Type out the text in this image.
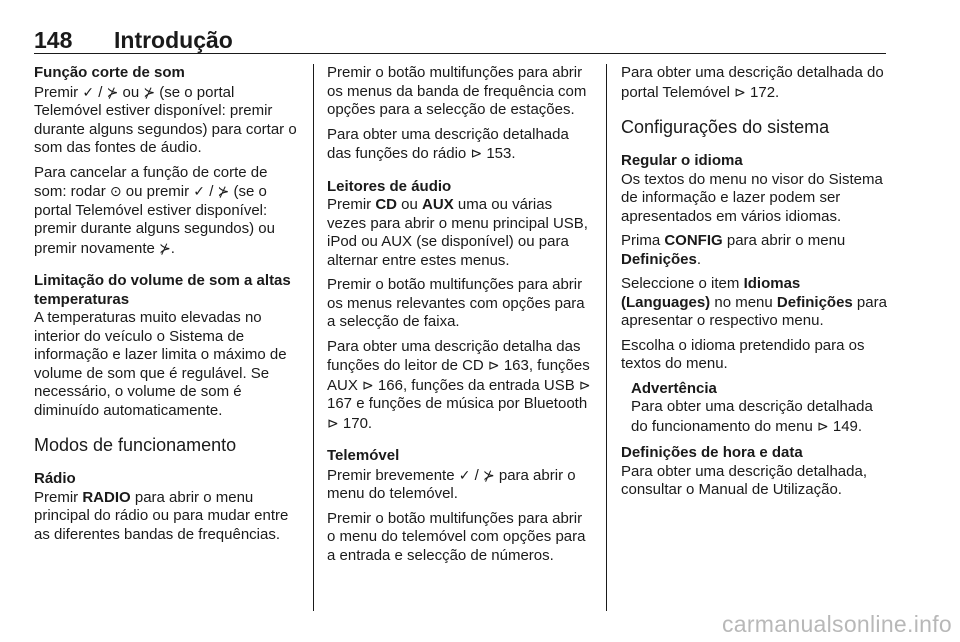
148 Introdução
Função corte de som

Premir ✓ / ⊁ ou ⊁ (se o portal Telemóvel estiver disponível: premir durante alguns segundos) para cortar o som das fontes de áudio.

Para cancelar a função de corte de som: rodar ⊙ ou premir ✓ / ⊁ (se o portal Telemóvel estiver disponível: premir durante alguns segundos) ou premir novamente ⊁.

Limitação do volume de som a altas temperaturas

A temperaturas muito elevadas no interior do veículo o Sistema de informação e lazer limita o máximo de volume de som que é regulável. Se necessário, o volume de som é diminuído automaticamente.

Modos de funcionamento
Rádio

Premir RADIO para abrir o menu principal do rádio ou para mudar entre as diferentes bandas de frequências.

Premir o botão multifunções para abrir os menus da banda de frequência com opções para a selecção de estações.

Para obter uma descrição detalhada das funções do rádio ⊳ 153.

Leitores de áudio

Premir CD ou AUX uma ou várias vezes para abrir o menu principal USB, iPod ou AUX (se disponível) ou para alternar entre estes menus.

Premir o botão multifunções para abrir os menus relevantes com opções para a selecção de faixa.

Para obter uma descrição detalha das funções do leitor de CD ⊳ 163, funções AUX ⊳ 166, funções da entrada USB ⊳ 167 e funções de música por Bluetooth ⊳ 170.

Telemóvel

Premir brevemente ✓ / ⊁ para abrir o menu do telemóvel.

Premir o botão multifunções para abrir o menu do telemóvel com opções para a entrada e selecção de números.

Para obter uma descrição detalhada do portal Telemóvel ⊳ 172.

Configurações do sistema
Regular o idioma

Os textos do menu no visor do Sistema de informação e lazer podem ser apresentados em vários idiomas.

Prima CONFIG para abrir o menu Definições.

Seleccione o item Idiomas (Languages) no menu Definições para apresentar o respectivo menu.

Escolha o idioma pretendido para os textos do menu.

Advertência
Para obter uma descrição detalhada do funcionamento do menu ⊳ 149.
Definições de hora e data

Para obter uma descrição detalhada, consultar o Manual de Utilização.

carmanualsonline.info
